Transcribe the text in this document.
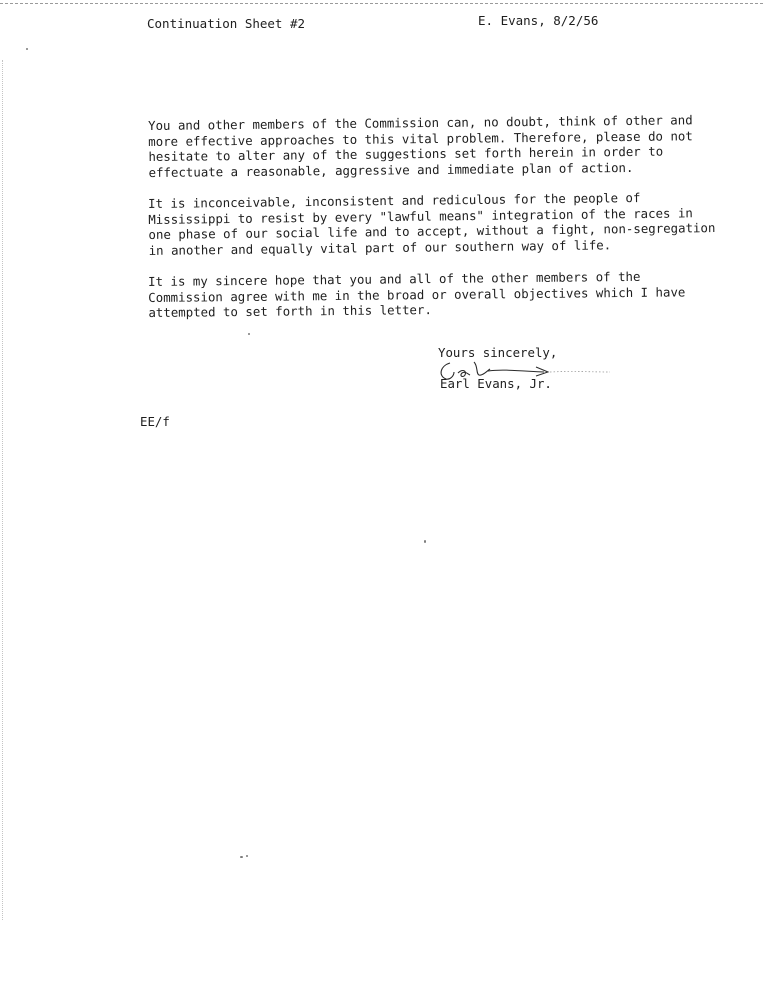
Continuation Sheet #2	E. Evans, 8/2/56

You and other members of the Commission can, no doubt, think of other and
more effective approaches to this vital problem. Therefore, please do not
hesitate to alter any of the suggestions set forth herein in order to
effectuate a reasonable, aggressive and immediate plan of action.

It is inconceivable, inconsistent and rediculous for the people of
Mississippi to resist by every "lawful means" integration of the races in
one phase of our social life and to accept, without a fight, non-segregation
in another and equally vital part of our southern way of life.

It is my sincere hope that you and all of the other members of the
Commission agree with me in the broad or overall objectives which I have
attempted to set forth in this letter.

Yours sincerely,
Earl Evans, Jr.
EE/f
